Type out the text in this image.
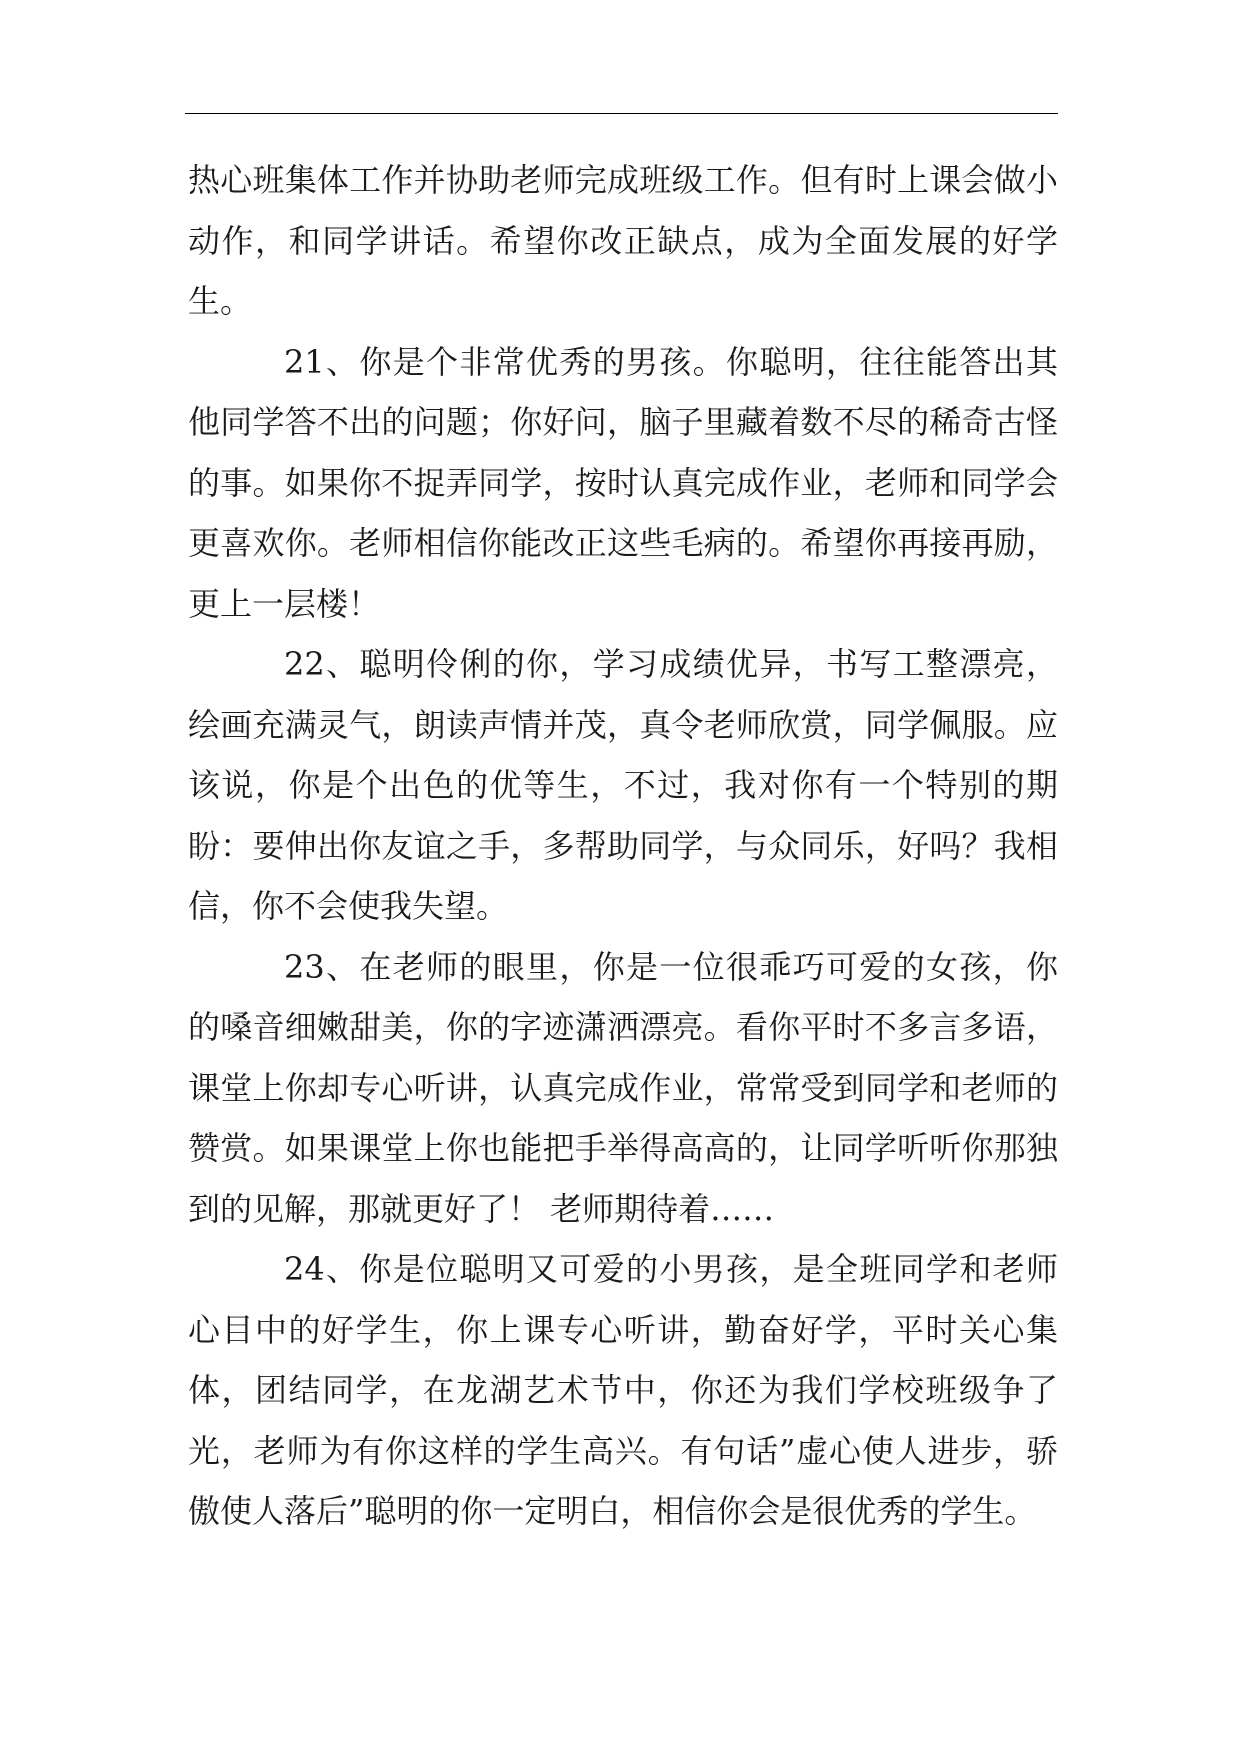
热心班集体工作并协助老师完成班级工作。但有时上课会做小动作，和同学讲话。希望你改正缺点，成为全面发展的好学生。

21、你是个非常优秀的男孩。你聪明，往往能答出其他同学答不出的问题；你好问，脑子里藏着数不尽的稀奇古怪的事。如果你不捉弄同学，按时认真完成作业，老师和同学会更喜欢你。老师相信你能改正这些毛病的。希望你再接再励，更上一层楼！

22、聪明伶俐的你，学习成绩优异，书写工整漂亮，绘画充满灵气，朗读声情并茂，真令老师欣赏，同学佩服。应该说，你是个出色的优等生，不过，我对你有一个特别的期盼：要伸出你友谊之手，多帮助同学，与众同乐，好吗？我相信，你不会使我失望。

23、在老师的眼里，你是一位很乖巧可爱的女孩，你的嗓音细嫩甜美，你的字迹潇洒漂亮。看你平时不多言多语，课堂上你却专心听讲，认真完成作业，常常受到同学和老师的赞赏。如果课堂上你也能把手举得高高的，让同学听听你那独到的见解，那就更好了！ 老师期待着……

24、你是位聪明又可爱的小男孩，是全班同学和老师心目中的好学生，你上课专心听讲，勤奋好学，平时关心集体，团结同学，在龙湖艺术节中，你还为我们学校班级争了光，老师为有你这样的学生高兴。有句话”虚心使人进步，骄傲使人落后”聪明的你一定明白，相信你会是很优秀的学生。
